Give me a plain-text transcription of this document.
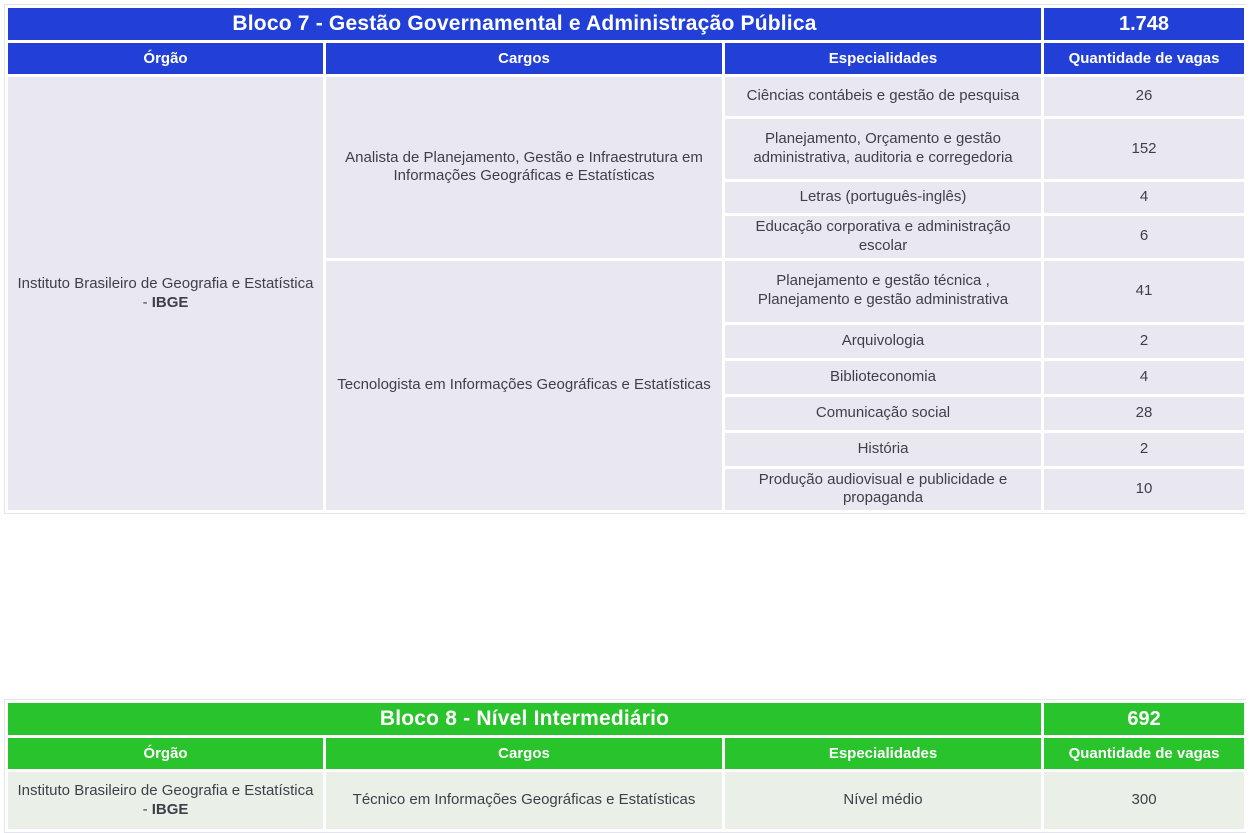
Bloco 7 - Gestão Governamental e Administração Pública			1.748
Órgão	Cargos	Especialidades	Quantidade de vagas
Instituto Brasileiro de Geografia e Estatística - IBGE	Analista de Planejamento, Gestão e Infraestrutura em Informações Geográficas e Estatísticas	Ciências contábeis e gestão de pesquisa	26
		Planejamento, Orçamento e gestão administrativa, auditoria e corregedoria	152
		Letras (português-inglês)	4
		Educação corporativa e administração escolar	6
	Tecnologista em Informações Geográficas e Estatísticas	Planejamento e gestão técnica , Planejamento e gestão administrativa	41
		Arquivologia	2
		Biblioteconomia	4
		Comunicação social	28
		História	2
		Produção audiovisual e publicidade e propaganda	10
Bloco 8 - Nível Intermediário			692
Órgão	Cargos	Especialidades	Quantidade de vagas
Instituto Brasileiro de Geografia e Estatística - IBGE	Técnico em Informações Geográficas e Estatísticas	Nível médio	300
